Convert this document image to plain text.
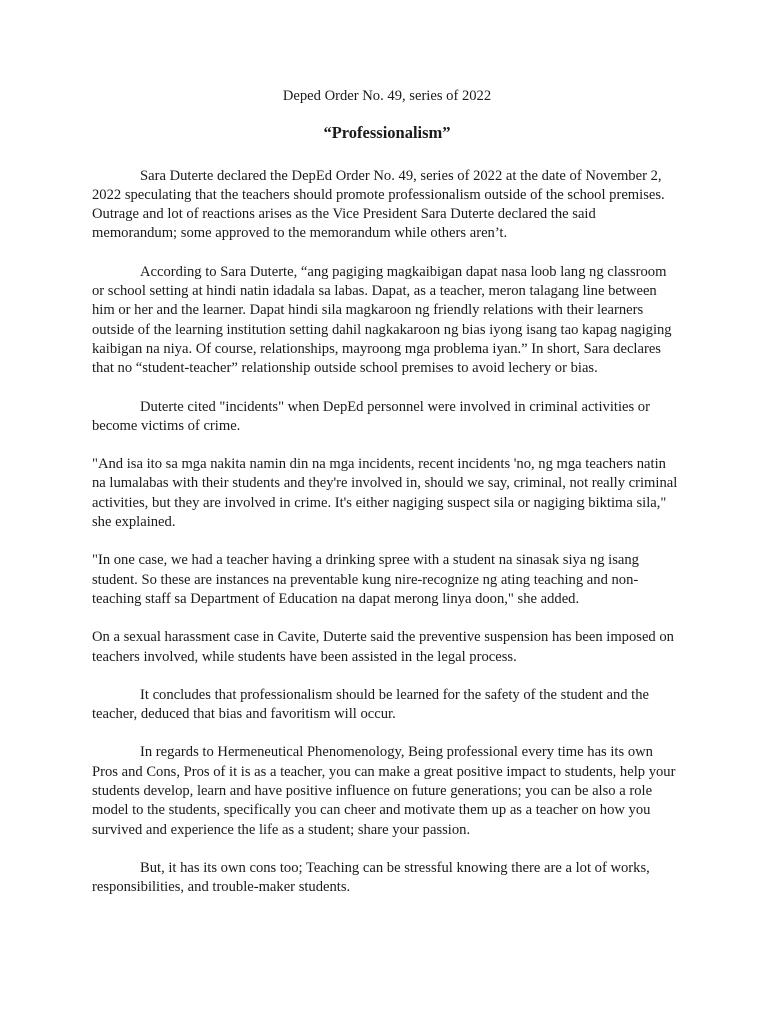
Deped Order No. 49, series of 2022
“Professionalism”

Sara Duterte declared the DepEd Order No. 49, series of 2022 at the date of November 2, 2022 speculating that the teachers should promote professionalism outside of the school premises. Outrage and lot of reactions arises as the Vice President Sara Duterte declared the said memorandum; some approved to the memorandum while others aren’t.

According to Sara Duterte, “ang pagiging magkaibigan dapat nasa loob lang ng classroom or school setting at hindi natin idadala sa labas. Dapat, as a teacher, meron talagang line between him or her and the learner. Dapat hindi sila magkaroon ng friendly relations with their learners outside of the learning institution setting dahil nagkakaroon ng bias iyong isang tao kapag nagiging kaibigan na niya. Of course, relationships, mayroong mga problema iyan.” In short, Sara declares that no “student-teacher” relationship outside school premises to avoid lechery or bias.

Duterte cited "incidents" when DepEd personnel were involved in criminal activities or become victims of crime.

"And isa ito sa mga nakita namin din na mga incidents, recent incidents 'no, ng mga teachers natin na lumalabas with their students and they're involved in, should we say, criminal, not really criminal activities, but they are involved in crime. It's either nagiging suspect sila or nagiging biktima sila," she explained.

"In one case, we had a teacher having a drinking spree with a student na sinasak siya ng isang student. So these are instances na preventable kung nire-recognize ng ating teaching and non-teaching staff sa Department of Education na dapat merong linya doon," she added.

On a sexual harassment case in Cavite, Duterte said the preventive suspension has been imposed on teachers involved, while students have been assisted in the legal process.

It concludes that professionalism should be learned for the safety of the student and the teacher, deduced that bias and favoritism will occur.

In regards to Hermeneutical Phenomenology, Being professional every time has its own Pros and Cons, Pros of it is as a teacher, you can make a great positive impact to students, help your students develop, learn and have positive influence on future generations; you can be also a role model to the students, specifically you can cheer and motivate them up as a teacher on how you survived and experience the life as a student; share your passion.

But, it has its own cons too; Teaching can be stressful knowing there are a lot of works, responsibilities, and trouble-maker students.
